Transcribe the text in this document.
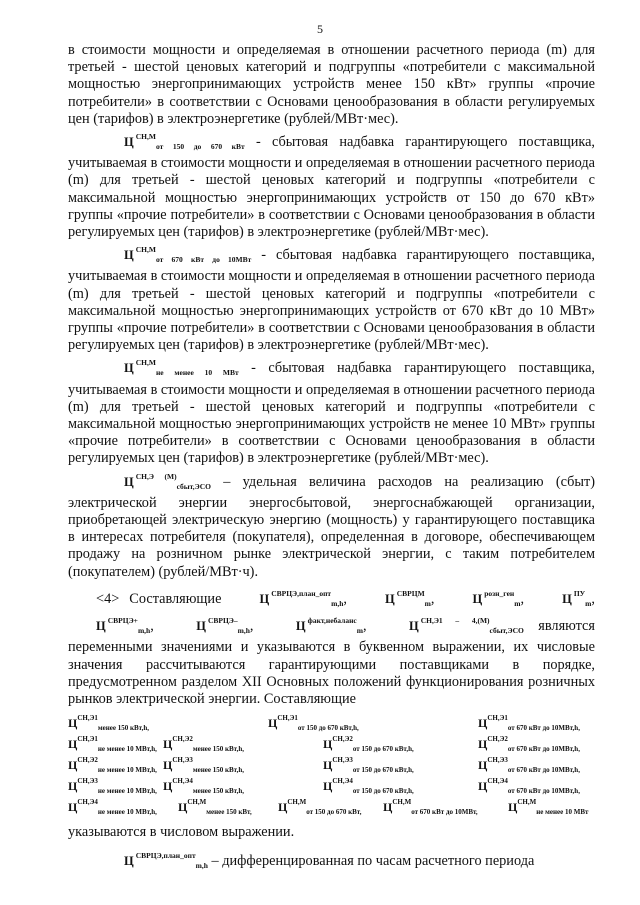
5

в стоимости мощности и определяемая в отношении расчетного периода (m) для третьей - шестой ценовых категорий и подгруппы «потребители с максимальной мощностью энергопринимающих устройств менее 150 кВт» группы «прочие потребители» в соответствии с Основами ценообразования в области регулируемых цен (тарифов) в электроэнергетике (рублей/МВт·мес).

Ц $^{СН,М}_{от 150 до 670 кВт}$ - сбытовая надбавка гарантирующего поставщика, учитываемая в стоимости мощности и определяемая в отношении расчетного периода (m) для третьей - шестой ценовых категорий и подгруппы «потребители с максимальной мощностью энергопринимающих устройств от 150 до 670 кВт» группы «прочие потребители» в соответствии с Основами ценообразования в области регулируемых цен (тарифов) в электроэнергетике (рублей/МВт·мес).

Ц $^{СН,М}_{от 670 кВт до 10МВт}$ - сбытовая надбавка гарантирующего поставщика, учитываемая в стоимости мощности и определяемая в отношении расчетного периода (m) для третьей - шестой ценовых категорий и подгруппы «потребители с максимальной мощностью энергопринимающих устройств от 670 кВт до 10 МВт» группы «прочие потребители» в соответствии с Основами ценообразования в области регулируемых цен (тарифов) в электроэнергетике (рублей/МВт·мес).

Ц $^{СН,М}_{не менее 10 МВт}$ - сбытовая надбавка гарантирующего поставщика, учитываемая в стоимости мощности и определяемая в отношении расчетного периода (m) для третьей - шестой ценовых категорий и подгруппы «потребители с максимальной мощностью энергопринимающих устройств не менее 10 МВт» группы «прочие потребители» в соответствии с Основами ценообразования в области регулируемых цен (тарифов) в электроэнергетике (рублей/МВт·мес).

Ц $^{СН,Э (М)}_{сбыт,ЭСО}$ – удельная величина расходов на реализацию (сбыт) электрической энергии энергосбытовой, энергоснабжающей организации, приобретающей электрическую энергию (мощность) у гарантирующего поставщика в интересах потребителя (покупателя), определенная в договоре, обеспечивающем продажу на розничном рынке электрической энергии, с таким потребителем (покупателем) (рублей/МВт·ч).

<4> Составляющие	Ц $^{СВРЦЭ,план\_опт}_{m,h}$, Ц $^{СВРЦМ}_m$, Ц $^{розн\_ген}_m$, Ц $^{ПУ}_m$, Ц $^{СВРЦЭ+}_{m,h}$, Ц $^{СВРЦЭ-}_{m,h}$, Ц $^{факт,небаланс}_m$, Ц $^{СН,Э1 - 4,(М)}_{сбыт,ЭСО}$ являются переменными значениями и указываются в буквенном выражении, их числовые значения рассчитываются гарантирующими поставщиками в порядке, предусмотренном разделом XII Основных положений функционирования розничных рынков электрической энергии. Составляющие

$Ц^{СН,Э1}_{менее 150 кВт,h,}$	$Ц^{СН,Э1}_{от 150 до 670 кВт,h,}$	$Ц^{СН,Э1}_{от 670 кВт до 10МВт,h,}$
$Ц^{СН,Э1}_{не менее 10 МВт,h,}$ $Ц^{СН,Э2}_{менее 150 кВт,h,}$	$Ц^{СН,Э2}_{от 150 до 670 кВт,h,}$	$Ц^{СН,Э2}_{от 670 кВт до 10МВт,h,}$
$Ц^{СН,Э2}_{не менее 10 МВт,h,}$ $Ц^{СН,Э3}_{менее 150 кВт,h,}$	$Ц^{СН,Э3}_{от 150 до 670 кВт,h,}$	$Ц^{СН,Э3}_{от 670 кВт до 10МВт,h,}$
$Ц^{СН,Э3}_{не менее 10 МВт,h,}$ $Ц^{СН,Э4}_{менее 150 кВт,h,}$	$Ц^{СН,Э4}_{от 150 до 670 кВт,h,}$	$Ц^{СН,Э4}_{от 670 кВт до 10МВт,h,}$
$Ц^{СН,Э4}_{не менее 10 МВт,h,}$ $Ц^{СН,М}_{менее 150 кВт,}$ $Ц^{СН,М}_{от 150 до 670 кВт,}$ $Ц^{СН,М}_{от 670 кВт до 10МВт,}$	$Ц^{СН,М}_{не менее 10 МВт}$

указываются в числовом выражении.

Ц $^{СВРЦЭ,план\_опт}_{m,h}$ – дифференцированная по часам расчетного периода
